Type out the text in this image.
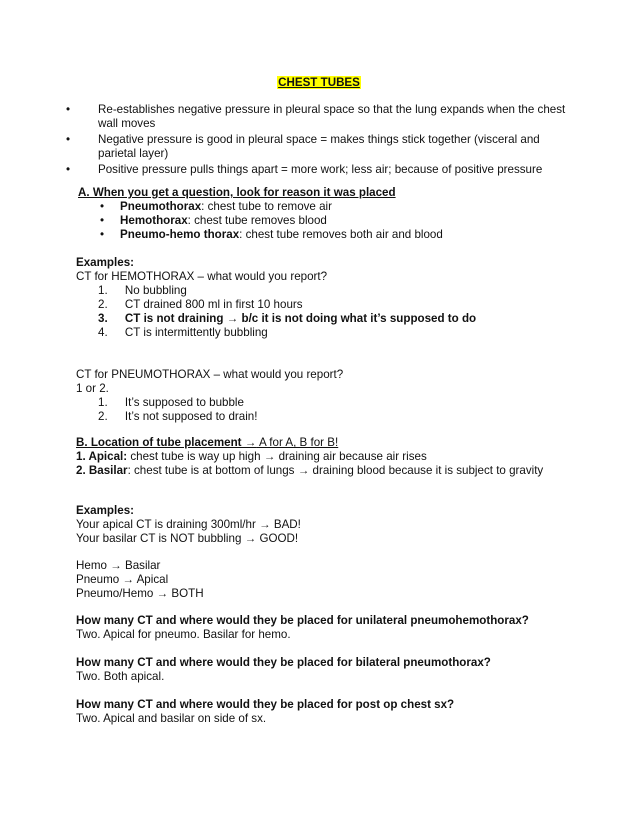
CHEST TUBES
• Re-establishes negative pressure in pleural space so that the lung expands when the chest wall moves
• Negative pressure is good in pleural space = makes things stick together (visceral and parietal layer)
• Positive pressure pulls things apart = more work; less air; because of positive pressure
A. When you get a question, look for reason it was placed
• Pneumothorax: chest tube to remove air
• Hemothorax: chest tube removes blood
• Pneumo-hemo thorax: chest tube removes both air and blood
Examples:
CT for HEMOTHORAX – what would you report?
1. No bubbling
2. CT drained 800 ml in first 10 hours
3. CT is not draining → b/c it is not doing what it’s supposed to do
4. CT is intermittently bubbling
CT for PNEUMOTHORAX – what would you report?
1 or 2.
1. It’s supposed to bubble
2. It’s not supposed to drain!
B. Location of tube placement → A for A, B for B!
1. Apical: chest tube is way up high → draining air because air rises
2. Basilar: chest tube is at bottom of lungs → draining blood because it is subject to gravity
Examples:
Your apical CT is draining 300ml/hr → BAD!
Your basilar CT is NOT bubbling → GOOD!
Hemo → Basilar
Pneumo → Apical
Pneumo/Hemo → BOTH
How many CT and where would they be placed for unilateral pneumohemothorax?
Two. Apical for pneumo. Basilar for hemo.
How many CT and where would they be placed for bilateral pneumothorax?
Two. Both apical.
How many CT and where would they be placed for post op chest sx?
Two. Apical and basilar on side of sx.
